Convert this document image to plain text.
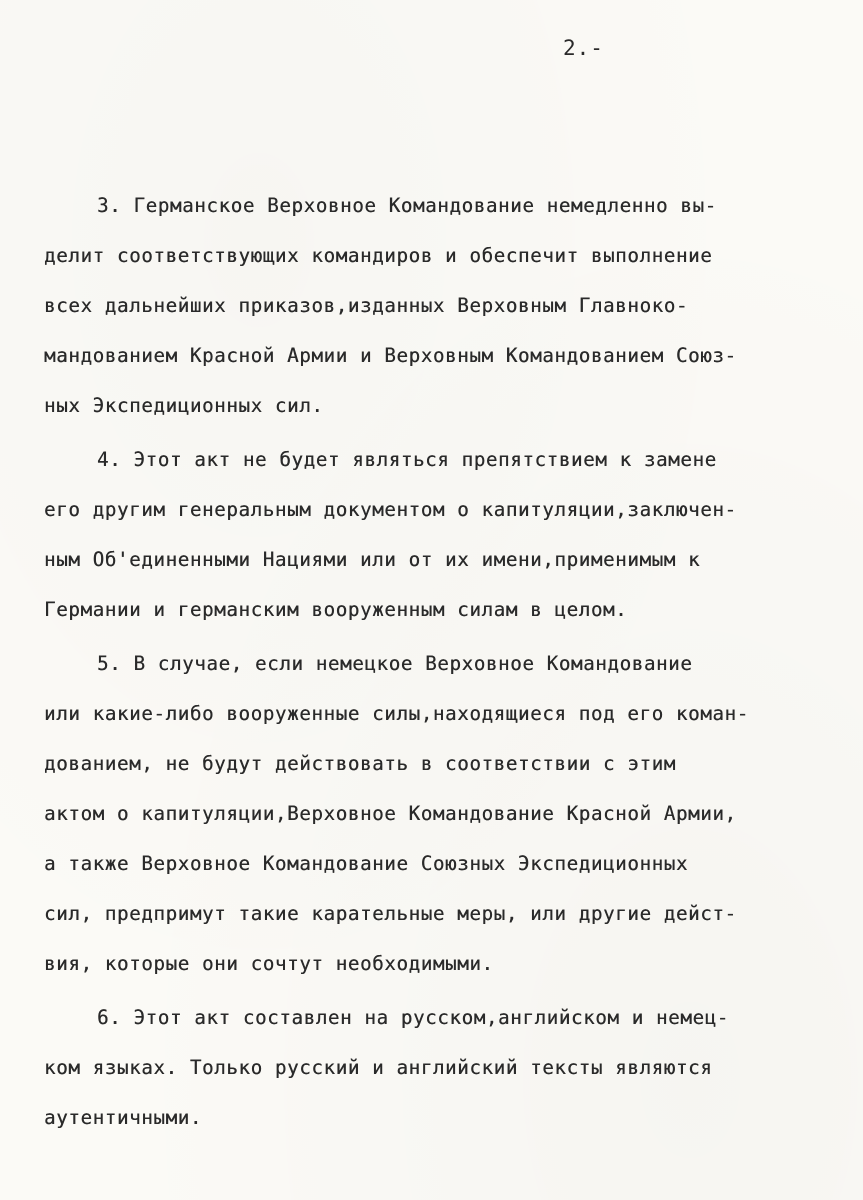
2.-
3. Германское Верховное Командование немедленно вы-
делит соответствующих командиров и обеспечит выполнение
всех дальнейших приказов,изданных Верховным Главноко-
мандованием Красной Армии и Верховным Командованием Союз-
ных Экспедиционных сил.
4. Этот акт не будет являться препятствием к замене
его другим генеральным документом о капитуляции,заключен-
ным Об'единенными Нациями или от их имени,применимым к
Германии и германским вооруженным силам в целом.
5. В случае, если немецкое Верховное Командование
или какие-либо вооруженные силы,находящиеся под его коман-
дованием, не будут действовать в соответствии с этим
актом о капитуляции,Верховное Командование Красной Армии,
а также Верховное Командование Союзных Экспедиционных
сил, предпримут такие карательные меры, или другие дейст-
вия, которые они сочтут необходимыми.
6. Этот акт составлен на русском,английском и немец-
ком языках. Только русский и английский тексты являются
аутентичными.
